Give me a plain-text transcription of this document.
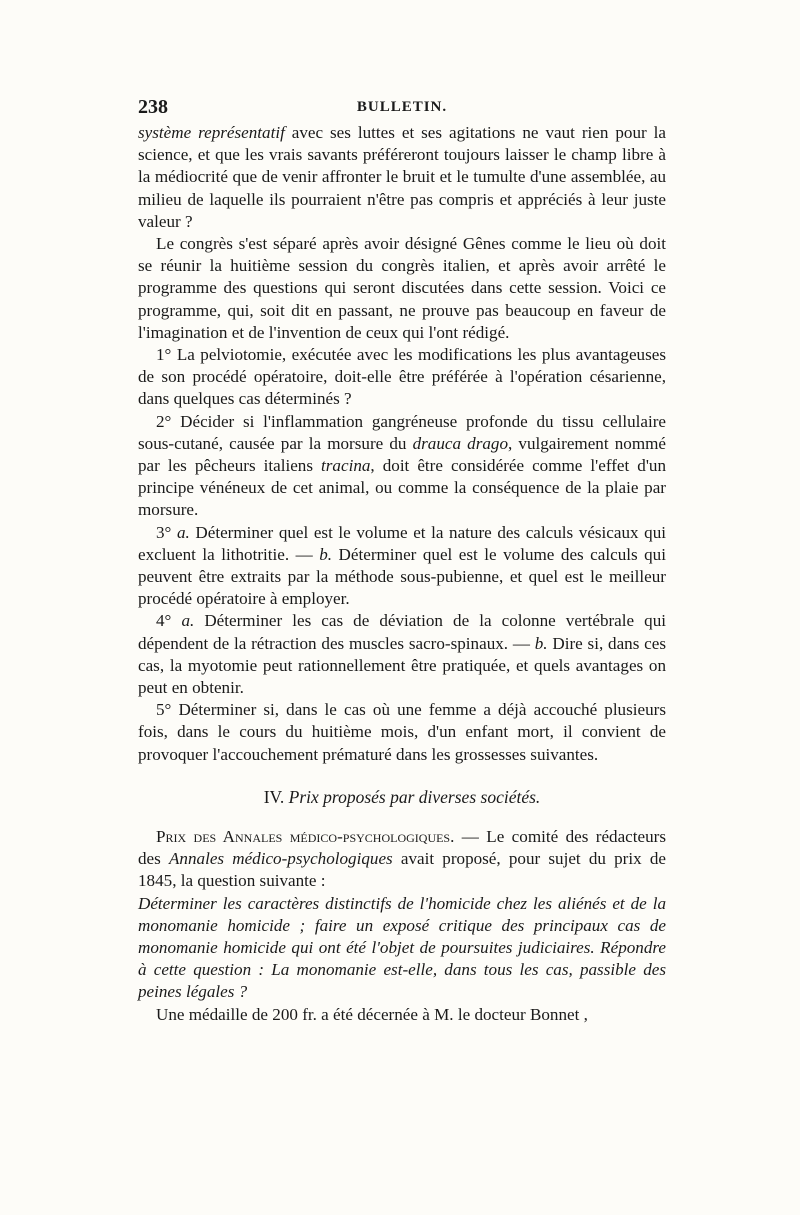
238	BULLETIN.

système représentatif avec ses luttes et ses agitations ne vaut rien pour la science, et que les vrais savants préféreront toujours laisser le champ libre à la médiocrité que de venir affronter le bruit et le tumulte d'une assemblée, au milieu de laquelle ils pourraient n'être pas compris et appréciés à leur juste valeur ?

Le congrès s'est séparé après avoir désigné Gênes comme le lieu où doit se réunir la huitième session du congrès italien, et après avoir arrêté le programme des questions qui seront discutées dans cette session. Voici ce programme, qui, soit dit en passant, ne prouve pas beaucoup en faveur de l'imagination et de l'invention de ceux qui l'ont rédigé.

1° La pelviotomie, exécutée avec les modifications les plus avantageuses de son procédé opératoire, doit-elle être préférée à l'opération césarienne, dans quelques cas déterminés ?

2° Décider si l'inflammation gangréneuse profonde du tissu cellulaire sous-cutané, causée par la morsure du drauca drago, vulgairement nommé par les pêcheurs italiens tracina, doit être considérée comme l'effet d'un principe vénéneux de cet animal, ou comme la conséquence de la plaie par morsure.

3° a. Déterminer quel est le volume et la nature des calculs vésicaux qui excluent la lithotritie. — b. Déterminer quel est le volume des calculs qui peuvent être extraits par la méthode sous-pubienne, et quel est le meilleur procédé opératoire à employer.

4° a. Déterminer les cas de déviation de la colonne vertébrale qui dépendent de la rétraction des muscles sacro-spinaux. — b. Dire si, dans ces cas, la myotomie peut rationnellement être pratiquée, et quels avantages on peut en obtenir.

5° Déterminer si, dans le cas où une femme a déjà accouché plusieurs fois, dans le cours du huitième mois, d'un enfant mort, il convient de provoquer l'accouchement prématuré dans les grossesses suivantes.

IV. Prix proposés par diverses sociétés.

Prix des Annales médico-psychologiques. — Le comité des rédacteurs des Annales médico-psychologiques avait proposé, pour sujet du prix de 1845, la question suivante :

Déterminer les caractères distinctifs de l'homicide chez les aliénés et de la monomanie homicide ; faire un exposé critique des principaux cas de monomanie homicide qui ont été l'objet de poursuites judiciaires. Répondre à cette question : La monomanie est-elle, dans tous les cas, passible des peines légales ?

Une médaille de 200 fr. a été décernée à M. le docteur Bonnet ,
